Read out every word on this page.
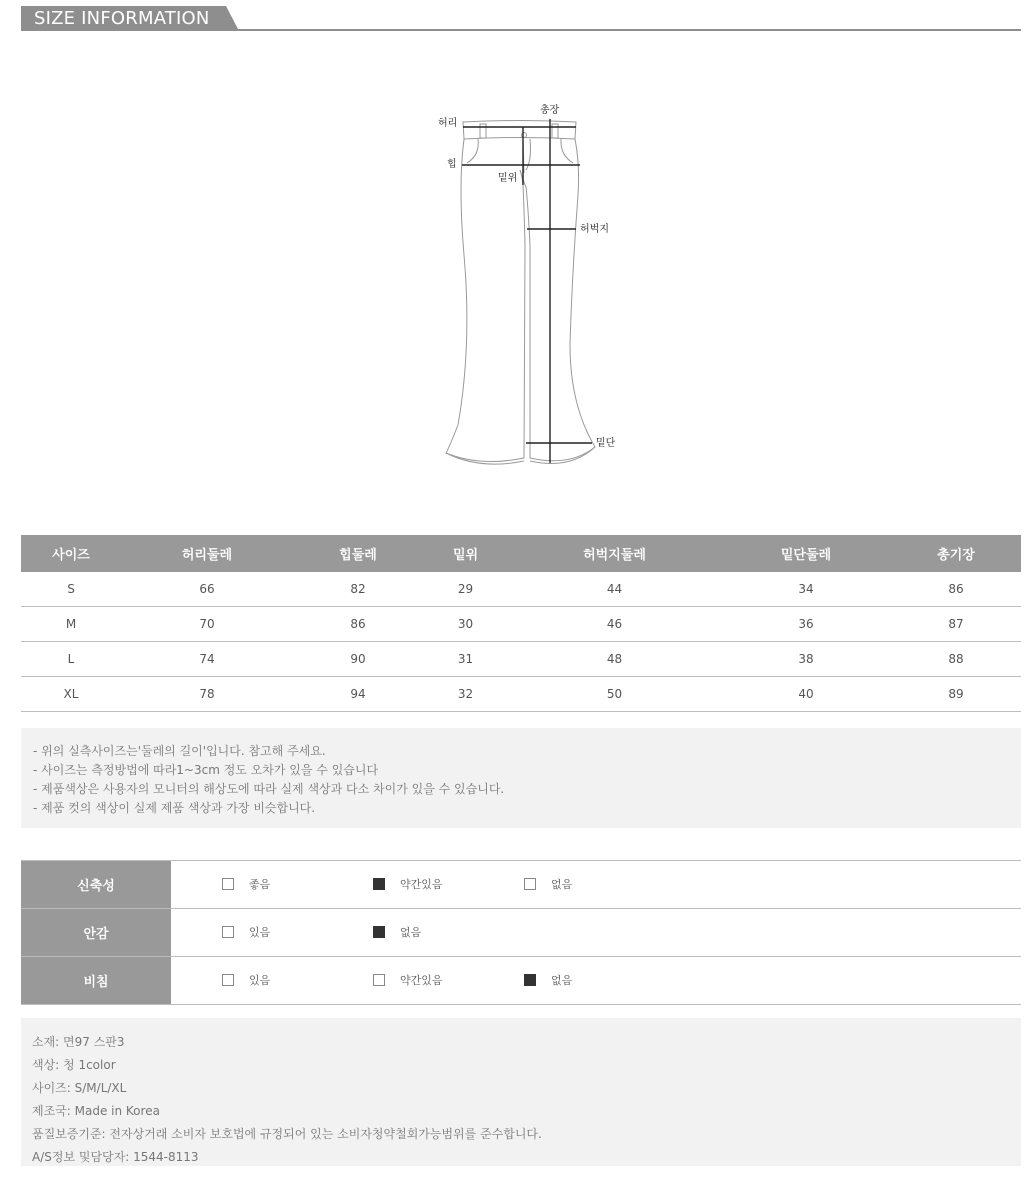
SIZE INFORMATION
허리
총장
힙
밑위
허벅지
밑단
사이즈	허리둘레	힙둘레	밑위	허벅지둘레	밑단둘레	총기장
S	66	82	29	44	34	86
M	70	86	30	46	36	87
L	74	90	31	48	38	88
XL	78	94	32	50	40	89
- 위의 실측사이즈는'둘레의 길이'입니다. 참고해 주세요.
- 사이즈는 측정방법에 따라1~3cm 정도 오차가 있을 수 있습니다
- 제품색상은 사용자의 모니터의 해상도에 따라 실제 색상과 다소 차이가 있을 수 있습니다.
- 제품 컷의 색상이 실제 제품 색상과 가장 비슷합니다.
신축성	좋음	약간있음	없음
안감	있음	없음
비침	있음	약간있음	없음
소재: 면97 스판3
색상: 청 1color
사이즈: S/M/L/XL
제조국: Made in Korea
품질보증기준: 전자상거래 소비자 보호법에 규정되어 있는 소비자청약철회가능범위를 준수합니다.
A/S정보 및담당자: 1544-8113
